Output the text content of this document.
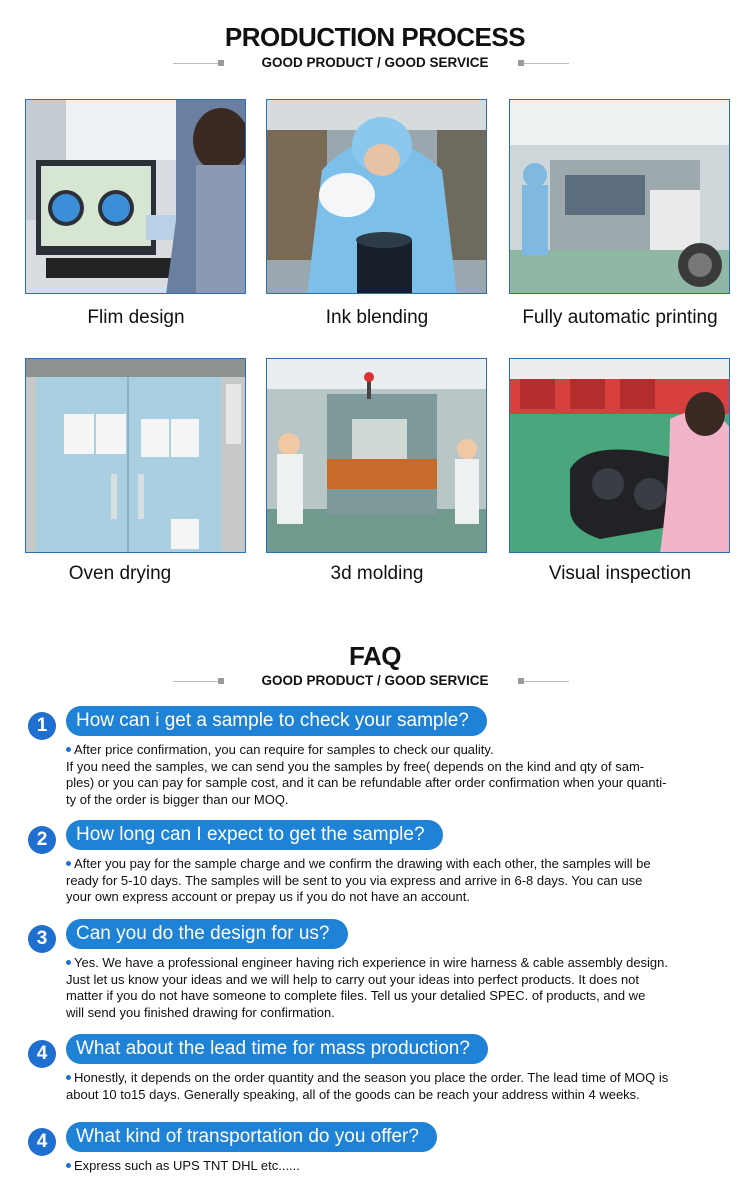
PRODUCTION PROCESS
GOOD PRODUCT / GOOD SERVICE
Flim design	Ink blending	Fully automatic printing
Oven drying	3d molding	Visual inspection
FAQ
GOOD PRODUCT / GOOD SERVICE
1	How can i get a sample to check your sample?

After price confirmation, you can require for samples to check our quality.

If you need the samples, we can send you the samples by free( depends on the kind and qty of sam-

ples) or you can pay for sample cost, and it can be refundable after order confirmation when your quanti-

ty of the order is bigger than our MOQ.

2	How long can I expect to get the sample?

After you pay for the sample charge and we confirm the drawing with each other, the samples will be

ready for 5-10 days. The samples will be sent to you via express and arrive in 6-8 days. You can use

your own express account or prepay us if you do not have an account.

3	Can you do the design for us?

Yes. We have a professional engineer having rich experience in wire harness & cable assembly design.

Just let us know your ideas and we will help to carry out your ideas into perfect products. It does not

matter if you do not have someone to complete files. Tell us your detalied SPEC. of products, and we

will send you finished drawing for confirmation.

4	What about the lead time for mass production?

Honestly, it depends on the order quantity and the season you place the order. The lead time of MOQ is

about 10 to15 days. Generally speaking, all of the goods can be reach your address within 4 weeks.

4	What kind of transportation do you offer?

Express such as UPS TNT DHL etc......
